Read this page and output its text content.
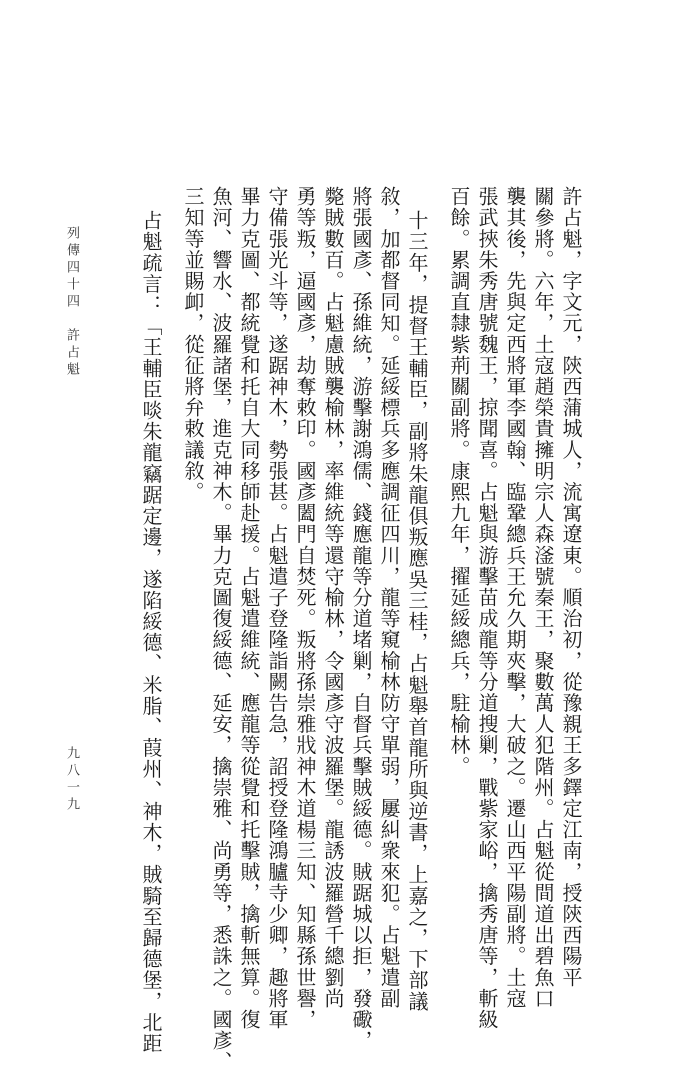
許占魁，字文元，陝西蒲城人，流寓遼東。順治初，從豫親王多鐸定江南，授陝西陽平
關參將。六年，土寇趙榮貴擁明宗人森滏號秦王，聚數萬人犯階州。占魁從間道出碧魚口
襲其後，先與定西將軍李國翰、臨鞏總兵王允久期夾擊，大破之。遷山西平陽副將。土寇
張武挾朱秀唐號魏王，掠聞喜。占魁與游擊苗成龍等分道搜剿，戰紫家峪，擒秀唐等，斬級
百餘。累調直隸紫荊關副將。康熙九年，擢延綏總兵，駐榆林。
十三年，提督王輔臣，副將朱龍俱叛應吳三桂，占魁舉首龍所與逆書，上嘉之，下部議
敘，加都督同知。延綏標兵多應調征四川，龍等窺榆林防守單弱，屢糾衆來犯。占魁遣副
將張國彥、孫維統，游擊謝鴻儒、錢應龍等分道堵剿，自督兵擊賊綏德。賊踞城以拒，發礮，
斃賊數百。占魁慮賊襲榆林，率維統等還守榆林，令國彥守波羅堡。龍誘波羅營千總劉尚
勇等叛，逼國彥，劫奪敕印。國彥闔門自焚死。叛將孫崇雅戕神木道楊三知、知縣孫世譽，
守備張光斗等，遂踞神木，勢張甚。占魁遣子登隆詣闕告急，詔授登隆鴻臚寺少卿，趣將軍
畢力克圖、都統覺和托自大同移師赴援。占魁遣維統、應龍等從覺和托擊賊，擒斬無算。復
魚河、響水、波羅諸堡，進克神木。畢力克圖復綏德、延安，擒崇雅、尚勇等，悉誅之。國彥、
三知等並賜卹，從征將弁敕議敘。
占魁疏言：「王輔臣啖朱龍竊踞定邊，遂陷綏德、米脂、葭州、神木，賊騎至歸德堡，北距
列傳四十四　許占魁
九八一九
